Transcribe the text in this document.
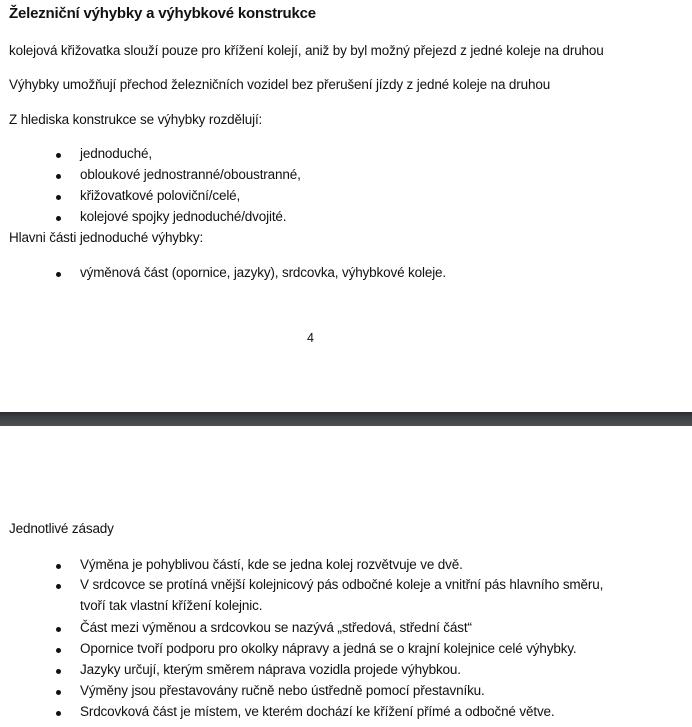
Železniční výhybky a výhybkové konstrukce
kolejová křižovatka slouží pouze pro křížení kolejí, aniž by byl možný přejezd z jedné koleje na druhou
Výhybky umožňují přechod železničních vozidel bez přerušení jízdy z jedné koleje na druhou
Z hlediska konstrukce se výhybky rozdělují:
jednoduché,
obloukové jednostranné/oboustranné,
křižovatkové poloviční/celé,
kolejové spojky jednoduché/dvojité.
Hlavni části jednoduché výhybky:
výměnová část (opornice, jazyky), srdcovka, výhybkové koleje.
4
Jednotlivé zásady
Výměna je pohyblivou částí, kde se jedna kolej rozvětvuje ve dvě.
V srdcovce se protíná vnější kolejnicový pás odbočné koleje a vnitřní pás hlavního směru,
tvoří tak vlastní křížení kolejnic.
Část mezi výměnou a srdcovkou se nazývá „středová, střední část“
Opornice tvoří podporu pro okolky nápravy a jedná se o krajní kolejnice celé výhybky.
Jazyky určují, kterým směrem náprava vozidla projede výhybkou.
Výměny jsou přestavovány ručně nebo ústředně pomocí přestavníku.
Srdcovková část je místem, ve kterém dochází ke křížení přímé a odbočné větve.
